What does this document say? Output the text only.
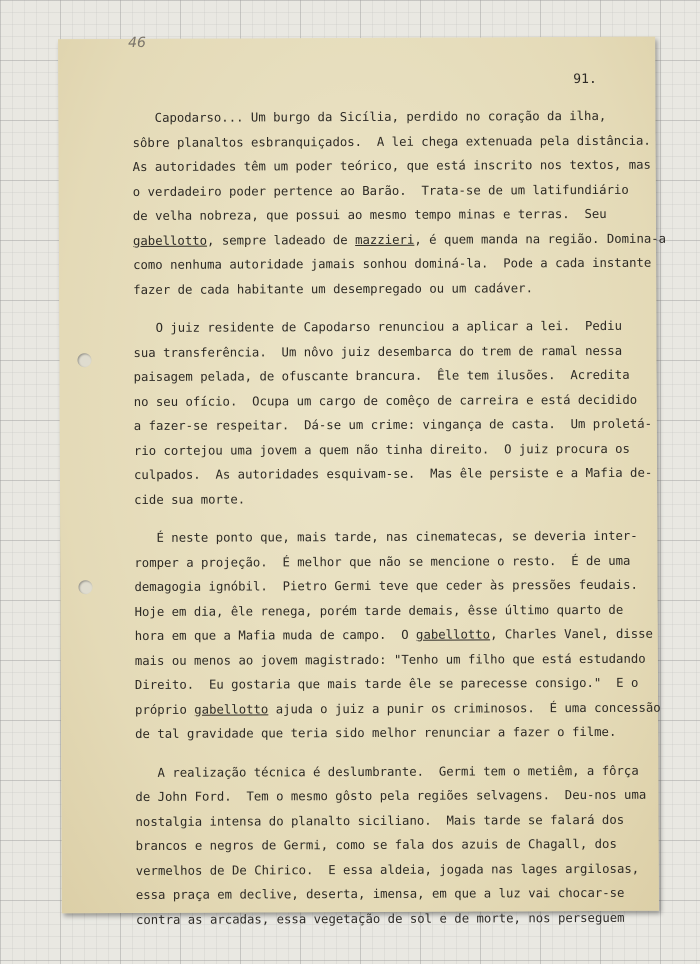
46
91.
Capodarso... Um burgo da Sicília, perdido no coração da ilha,
sôbre planaltos esbranquiçados.  A lei chega extenuada pela distância.
As autoridades têm um poder teórico, que está inscrito nos textos, mas
o verdadeiro poder pertence ao Barão.  Trata-se de um latifundiário
de velha nobreza, que possui ao mesmo tempo minas e terras.  Seu
gabellotto, sempre ladeado de mazzieri, é quem manda na região. Domina-a
como nenhuma autoridade jamais sonhou dominá-la.  Pode a cada instante
fazer de cada habitante um desempregado ou um cadáver.
O juiz residente de Capodarso renunciou a aplicar a lei.  Pediu
sua transferência.  Um nôvo juiz desembarca do trem de ramal nessa
paisagem pelada, de ofuscante brancura.  Êle tem ilusões.  Acredita
no seu ofício.  Ocupa um cargo de comêço de carreira e está decidido
a fazer-se respeitar.  Dá-se um crime: vingança de casta.  Um proletá-
rio cortejou uma jovem a quem não tinha direito.  O juiz procura os
culpados.  As autoridades esquivam-se.  Mas êle persiste e a Mafia de-
cide sua morte.
É neste ponto que, mais tarde, nas cinematecas, se deveria inter-
romper a projeção.  É melhor que não se mencione o resto.  É de uma
demagogia ignóbil.  Pietro Germi teve que ceder às pressões feudais.
Hoje em dia, êle renega, porém tarde demais, êsse último quarto de
hora em que a Mafia muda de campo.  O gabellotto, Charles Vanel, disse
mais ou menos ao jovem magistrado: "Tenho um filho que está estudando
Direito.  Eu gostaria que mais tarde êle se parecesse consigo."  E o
próprio gabellotto ajuda o juiz a punir os criminosos.  É uma concessão
de tal gravidade que teria sido melhor renunciar a fazer o filme.
A realização técnica é deslumbrante.  Germi tem o metiêm, a fôrça
de John Ford.  Tem o mesmo gôsto pela regiões selvagens.  Deu-nos uma
nostalgia intensa do planalto siciliano.  Mais tarde se falará dos
brancos e negros de Germi, como se fala dos azuis de Chagall, dos
vermelhos de De Chirico.  E essa aldeia, jogada nas lages argilosas,
essa praça em declive, deserta, imensa, em que a luz vai chocar-se
contra as arcadas, essa vegetação de sol e de morte, nos perseguem
